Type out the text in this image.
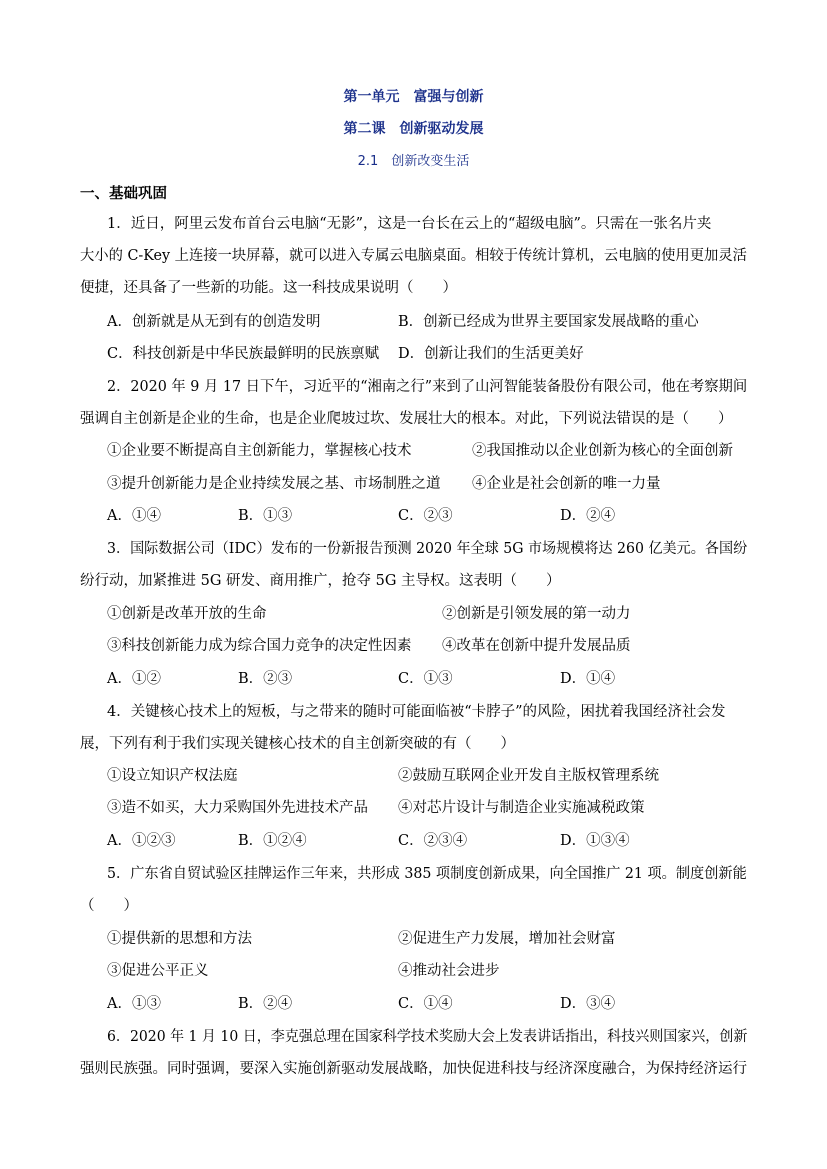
第一单元　富强与创新
第二课　创新驱动发展
2.1　创新改变生活
一、基础巩固
1．近日，阿里云发布首台云电脑“无影”，这是一台长在云上的“超级电脑”。只需在一张名片夹
大小的 C-Key 上连接一块屏幕，就可以进入专属云电脑桌面。相较于传统计算机，云电脑的使用更加灵活
便捷，还具备了一些新的功能。这一科技成果说明（　　）
A．创新就是从无到有的创造发明	B．创新已经成为世界主要国家发展战略的重心
C．科技创新是中华民族最鲜明的民族禀赋 D．创新让我们的生活更美好
2．2020 年 9 月 17 日下午，习近平的“湘南之行”来到了山河智能装备股份有限公司，他在考察期间
强调自主创新是企业的生命，也是企业爬坡过坎、发展壮大的根本。对此，下列说法错误的是（　　）
①企业要不断提高自主创新能力，掌握核心技术	②我国推动以企业创新为核心的全面创新
③提升创新能力是企业持续发展之基、市场制胜之道 ④企业是社会创新的唯一力量
A．①④	B．①③	C．②③	D．②④
3．国际数据公司（IDC）发布的一份新报告预测 2020 年全球 5G 市场规模将达 260 亿美元。各国纷
纷行动，加紧推进 5G 研发、商用推广，抢夺 5G 主导权。这表明（　　）
①创新是改革开放的生命	②创新是引领发展的第一动力
③科技创新能力成为综合国力竞争的决定性因素 ④改革在创新中提升发展品质
A．①②	B．②③	C．①③	D．①④
4．关键核心技术上的短板，与之带来的随时可能面临被“卡脖子”的风险，困扰着我国经济社会发
展，下列有利于我们实现关键核心技术的自主创新突破的有（　　）
①设立知识产权法庭	②鼓励互联网企业开发自主版权管理系统
③造不如买，大力采购国外先进技术产品 ④对芯片设计与制造企业实施减税政策
A．①②③	B．①②④	C．②③④	D．①③④
5．广东省自贸试验区挂牌运作三年来，共形成 385 项制度创新成果，向全国推广 21 项。制度创新能
（　　）
①提供新的思想和方法	②促进生产力发展，增加社会财富
③促进公平正义	④推动社会进步
A．①③	B．②④	C．①④	D．③④
6．2020 年 1 月 10 日，李克强总理在国家科学技术奖励大会上发表讲话指出，科技兴则国家兴，创新
强则民族强。同时强调，要深入实施创新驱动发展战略，加快促进科技与经济深度融合，为保持经济运行
